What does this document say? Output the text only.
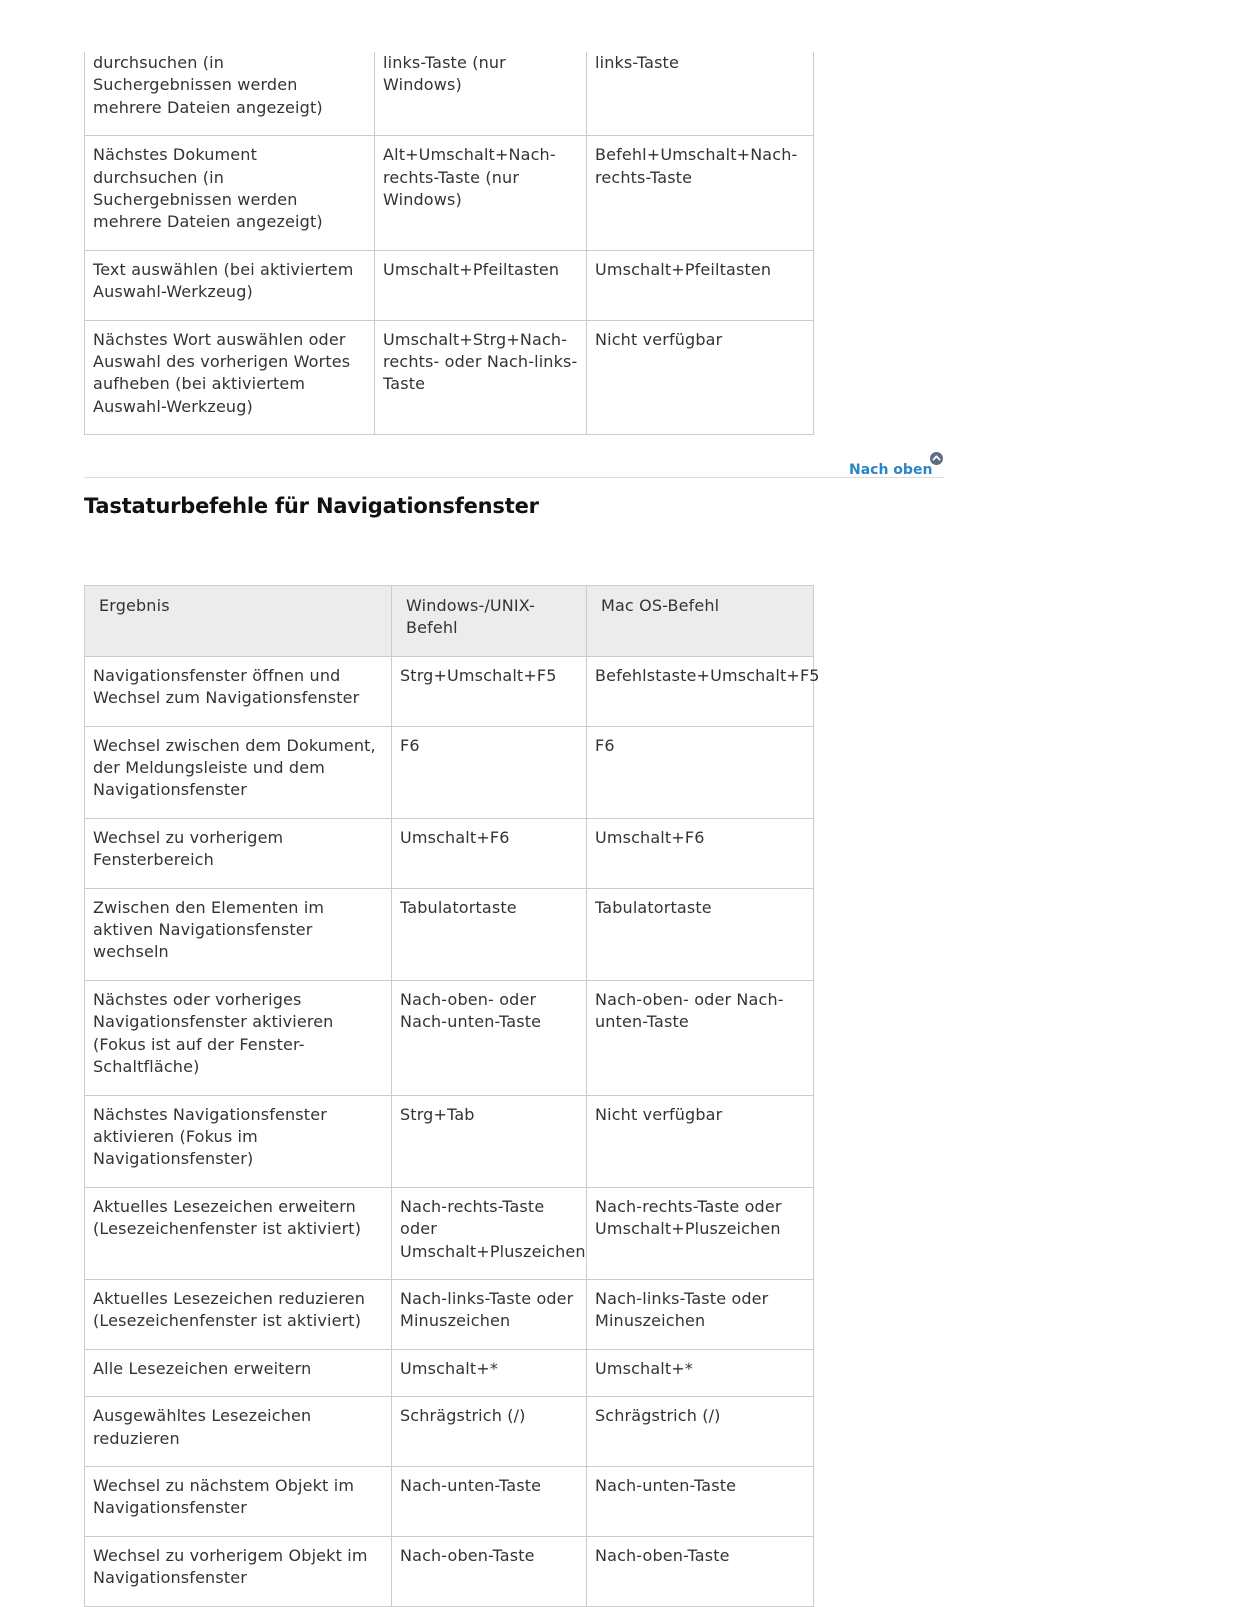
durchsuchen (in Suchergebnissen werden mehrere Dateien angezeigt)	links-Taste (nur Windows)	links-Taste
Nächstes Dokument durchsuchen (in Suchergebnissen werden mehrere Dateien angezeigt)	Alt+Umschalt+Nach-rechts-Taste (nur Windows)	Befehl+Umschalt+Nach-rechts-Taste
Text auswählen (bei aktiviertem Auswahl-Werkzeug)	Umschalt+Pfeiltasten	Umschalt+Pfeiltasten
Nächstes Wort auswählen oder Auswahl des vorherigen Wortes aufheben (bei aktiviertem Auswahl-Werkzeug)	Umschalt+Strg+Nach-rechts- oder Nach-links-Taste	Nicht verfügbar
Nach oben
Tastaturbefehle für Navigationsfenster
Ergebnis	Windows-/UNIX-Befehl	Mac OS-Befehl
Navigationsfenster öffnen und Wechsel zum Navigationsfenster	Strg+Umschalt+F5	Befehlstaste+Umschalt+F5
Wechsel zwischen dem Dokument, der Meldungsleiste und dem Navigationsfenster	F6	F6
Wechsel zu vorherigem Fensterbereich	Umschalt+F6	Umschalt+F6
Zwischen den Elementen im aktiven Navigationsfenster wechseln	Tabulatortaste	Tabulatortaste
Nächstes oder vorheriges Navigationsfenster aktivieren (Fokus ist auf der Fenster-Schaltfläche)	Nach-oben- oder Nach-unten-Taste	Nach-oben- oder Nach-unten-Taste
Nächstes Navigationsfenster aktivieren (Fokus im Navigationsfenster)	Strg+Tab	Nicht verfügbar
Aktuelles Lesezeichen erweitern (Lesezeichenfenster ist aktiviert)	Nach-rechts-Taste oder Umschalt+Pluszeichen	Nach-rechts-Taste oder Umschalt+Pluszeichen
Aktuelles Lesezeichen reduzieren (Lesezeichenfenster ist aktiviert)	Nach-links-Taste oder Minuszeichen	Nach-links-Taste oder Minuszeichen
Alle Lesezeichen erweitern	Umschalt+*	Umschalt+*
Ausgewähltes Lesezeichen reduzieren	Schrägstrich (/)	Schrägstrich (/)
Wechsel zu nächstem Objekt im Navigationsfenster	Nach-unten-Taste	Nach-unten-Taste
Wechsel zu vorherigem Objekt im Navigationsfenster	Nach-oben-Taste	Nach-oben-Taste
